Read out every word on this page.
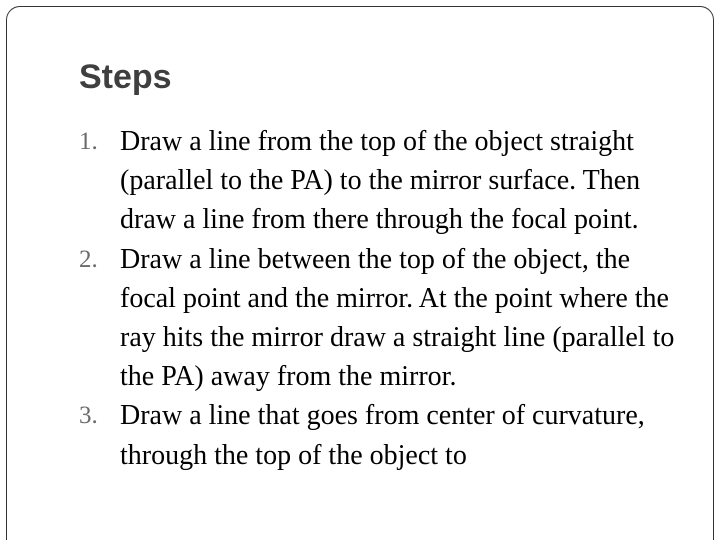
Steps
1. Draw a line from the top of the object straight (parallel to the PA) to the mirror surface. Then draw a line from there through the focal point.
2. Draw a line between the top of the object, the focal point and the mirror. At the point where the ray hits the mirror draw a straight line (parallel to the PA) away from the mirror.
3. Draw a line that goes from center of curvature, through the top of the object to
